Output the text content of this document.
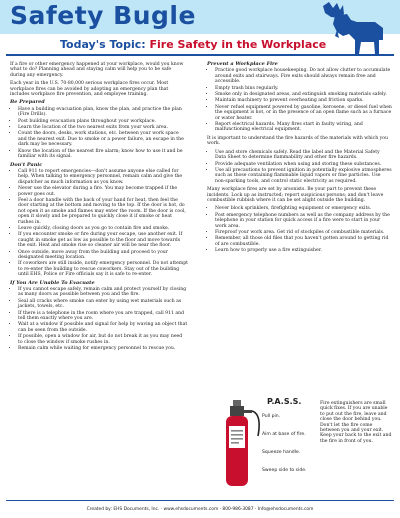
Safety Bugle
Today's Topic: Fire Safety in the Workplace

If a fire or other emergency happened at your workplace, would you know what to do? Planning ahead and staying calm will help you to be safe during any emergency.

Each year in the U.S. 70-80,000 serious workplace fires occur. Most workplace fires can be avoided by adopting an emergency plan that includes workplace fire prevention, and employee training.

Be Prepared
• Have a building evacuation plan, know the plan, and practice the plan (Fire Drills).
• Post building evacuation plans throughout your workplace.
• Learn the location of the two nearest exits from your work area.
• Count the doors, desks, work stations, etc. between your work space and the nearest exit. Due to smoke or a power failure, an escape in the dark may be necessary.
• Know the location of the nearest fire alarm; know how to use it and be familiar with its signal.
Don't Panic
• Call 911 to report emergencies—don't assume anyone else called for help. When talking to emergency personnel, remain calm and give the dispatcher as much information as you know.
• Never use the elevator during a fire. You may become trapped if the power goes out.
• Feel a door handle with the back of your hand for heat, then feel the door starting at the bottom and moving to the top. If the door is hot, do not open it as smoke and flames may enter the room. If the door is cool, open it slowly and be prepared to quickly close it if smoke or heat rushes in.
• Leave quickly, closing doors as you go to contain fire and smoke.
• If you encounter smoke or fire during your escape, use another exit. If caught in smoke get as low as possible to the floor and move towards the exit. Heat and smoke rise so cleaner air will be near the floor.
• Once outside, move away from the building and proceed to your designated meeting location.
• If coworkers are still inside, notify emergency personnel. Do not attempt to re-enter the building to rescue coworkers. Stay out of the building until EHS, Police or Fire officials say it is safe to re-enter.
If You Are Unable To Evacuate
• If you cannot escape safely, remain calm and protect yourself by closing as many doors as possible between you and the fire.
• Seal all cracks where smoke can enter by using wet materials such as jackets, towels, etc.
• If there is a telephone in the room where you are trapped, call 911 and tell them exactly where you are.
• Wait at a window if possible and signal for help by waving an object that can be seen from the outside.
• If possible, open a window for air, but do not break it as you may need to close the window if smoke rushes in.
• Remain calm while waiting for emergency personnel to rescue you.
Prevent a Workplace Fire
• Practice good workplace housekeeping. Do not allow clutter to accumulate around exits and stairways. Fire exits should always remain free and accessible.
• Empty trash bins regularly.
• Smoke only in designated areas, and extinguish smoking materials safely.
• Maintain machinery to prevent overheating and friction sparks.
• Never refuel equipment powered by gasoline, kerosene, or diesel fuel when the equipment is hot, or in the presence of an open flame such as a furnace or water heater.
• Report electrical hazards. Many fires start in faulty wiring, and malfunctioning electrical equipment.

It is important to understand the fire hazards of the materials with which you work.

• Use and store chemicals safely. Read the label and the Material Safety Data Sheet to determine flammability and other fire hazards.
• Provide adequate ventilation when using and storing these substances.
• Use all precautions to prevent ignition in potentially explosive atmospheres such as those containing flammable liquid vapors or fine particles. Use non-sparking tools, and control static electricity as required.

Many workplace fires are set by arsonists. Be your part to prevent these incidents. Lock up as instructed; report suspicious persons; and don't leave combustible rubbish where it can be set alight outside the building.

• Never block sprinklers, firefighting equipment or emergency exits.
• Post emergency telephone numbers as well as the company address by the telephone in your station for quick access if a fire were to start in your work area.
• Fireproof your work area. Get rid of stockpiles of combustible materials.
• Remember, all those old files that you haven't gotten around to getting rid of are combustible.
• Learn how to properly use a fire extinguisher.
P.A.S.S.
Pull pin.
Aim at base of fire.
Squeeze handle.
Sweep side to side.
Fire extinguishers are small quick fixes. If you are unable to put out the fire, leave and close the door behind you. Don't let the fire come between you and your exit. Keep your back to the exit and the fire in front of you.
Created by: EHS Documents, Inc. · www.ehsdocuments.com · 800-986-3087 · Info@ehsdocuments.com
